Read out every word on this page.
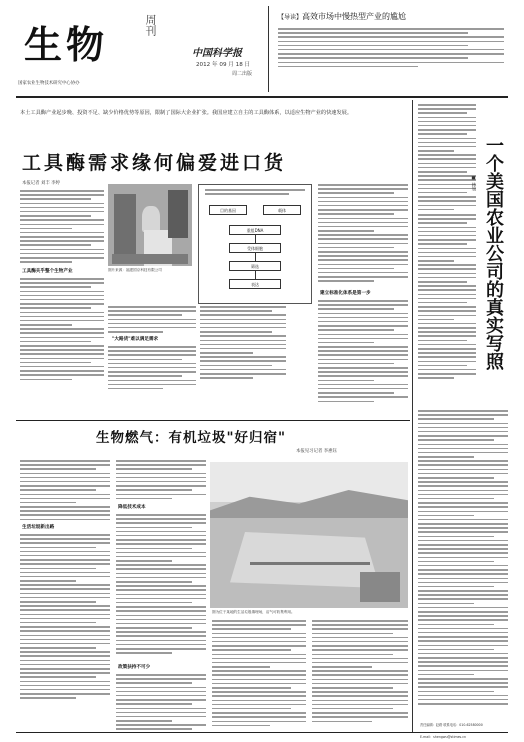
生物	周刊
国家农业生物技术研究中心协办
【导读】 高效市场中慢热型产业的尴尬
中国科学报
2012 年 09 月 18 日
周二出版
本土工具酶产业起步晚、投资不足、缺少价格优势等原因，限制了国际大企业扩张。我国应建立自主的工具酶体系，以适应生物产业的快速发展。
工具酶需求缘何偏爱进口货
本报记者 刘丰 李婷
工具酶关乎整个生物产业	图片来源：福建国京科技有限公司
目的基因	载体
重组DNA
受体细胞
筛选
表达
"大路货"难以满足需求
建立标准化体系是第一步
生物燃气：有机垃圾"好归宿"
本报见习记者 李惠钰
生活垃圾新出路
降低技术成本
政策扶持不可少
图为位于某地的生活垃圾填埋场，沼气可收集利用。
一个美国农业公司的真实写照
■ 林旭
责任编辑：赵路 联系电话：010-62580000
E-mail：shengwu@stimes.cn
